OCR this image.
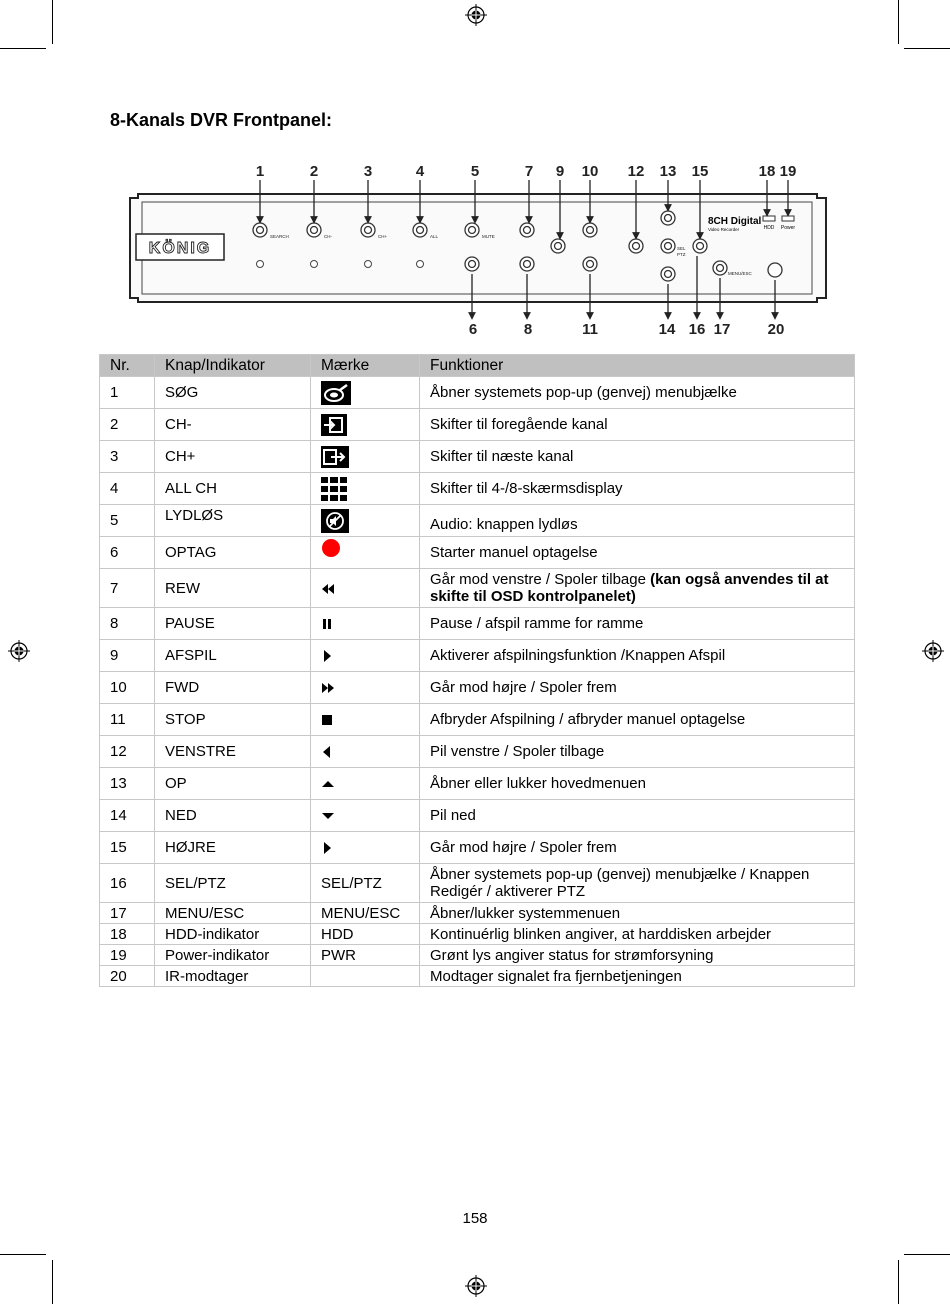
8-Kanals DVR Frontpanel:
KÖNIG
HDD Power
8CH Digital
Video Recorder
SEARCH	CH-	CH+	ALL	MUTE
SEL
PTZ
MENU/ESC
1	2	3	4	5	7 9 10 12 13 15	18 19
6	8	11	14 16 17 20
Nr.	Knap/Indikator	Mærke	Funktioner
1	SØG		Åbner systemets pop-up (genvej) menubjælke
2	CH-		Skifter til foregående kanal
3	CH+		Skifter til næste kanal
4	ALL CH		Skifter til 4-/8-skærmsdisplay
5	LYDLØS		Audio: knappen lydløs

6	OPTAG		Starter manuel optagelse
7	REW		Går mod venstre / Spoler tilbage (kan også anvendes til at skifte til OSD kontrolpanelet)
8	PAUSE		Pause / afspil ramme for ramme
9	AFSPIL		Aktiverer afspilningsfunktion /Knappen Afspil
10	FWD		Går mod højre / Spoler frem
11	STOP		Afbryder Afspilning / afbryder manuel optagelse
12	VENSTRE		Pil venstre / Spoler tilbage
13	OP		Åbner eller lukker hovedmenuen
14	NED		Pil ned
15	HØJRE		Går mod højre / Spoler frem
16	SEL/PTZ	SEL/PTZ	Åbner systemets pop-up (genvej) menubjælke / Knappen Redigér / aktiverer PTZ
17	MENU/ESC	MENU/ESC	Åbner/lukker systemmenuen
18	HDD-indikator	HDD	Kontinuérlig blinken angiver, at harddisken arbejder
19	Power-indikator	PWR	Grønt lys angiver status for strømforsyning
20	IR-modtager		Modtager signalet fra fjernbetjeningen
158
